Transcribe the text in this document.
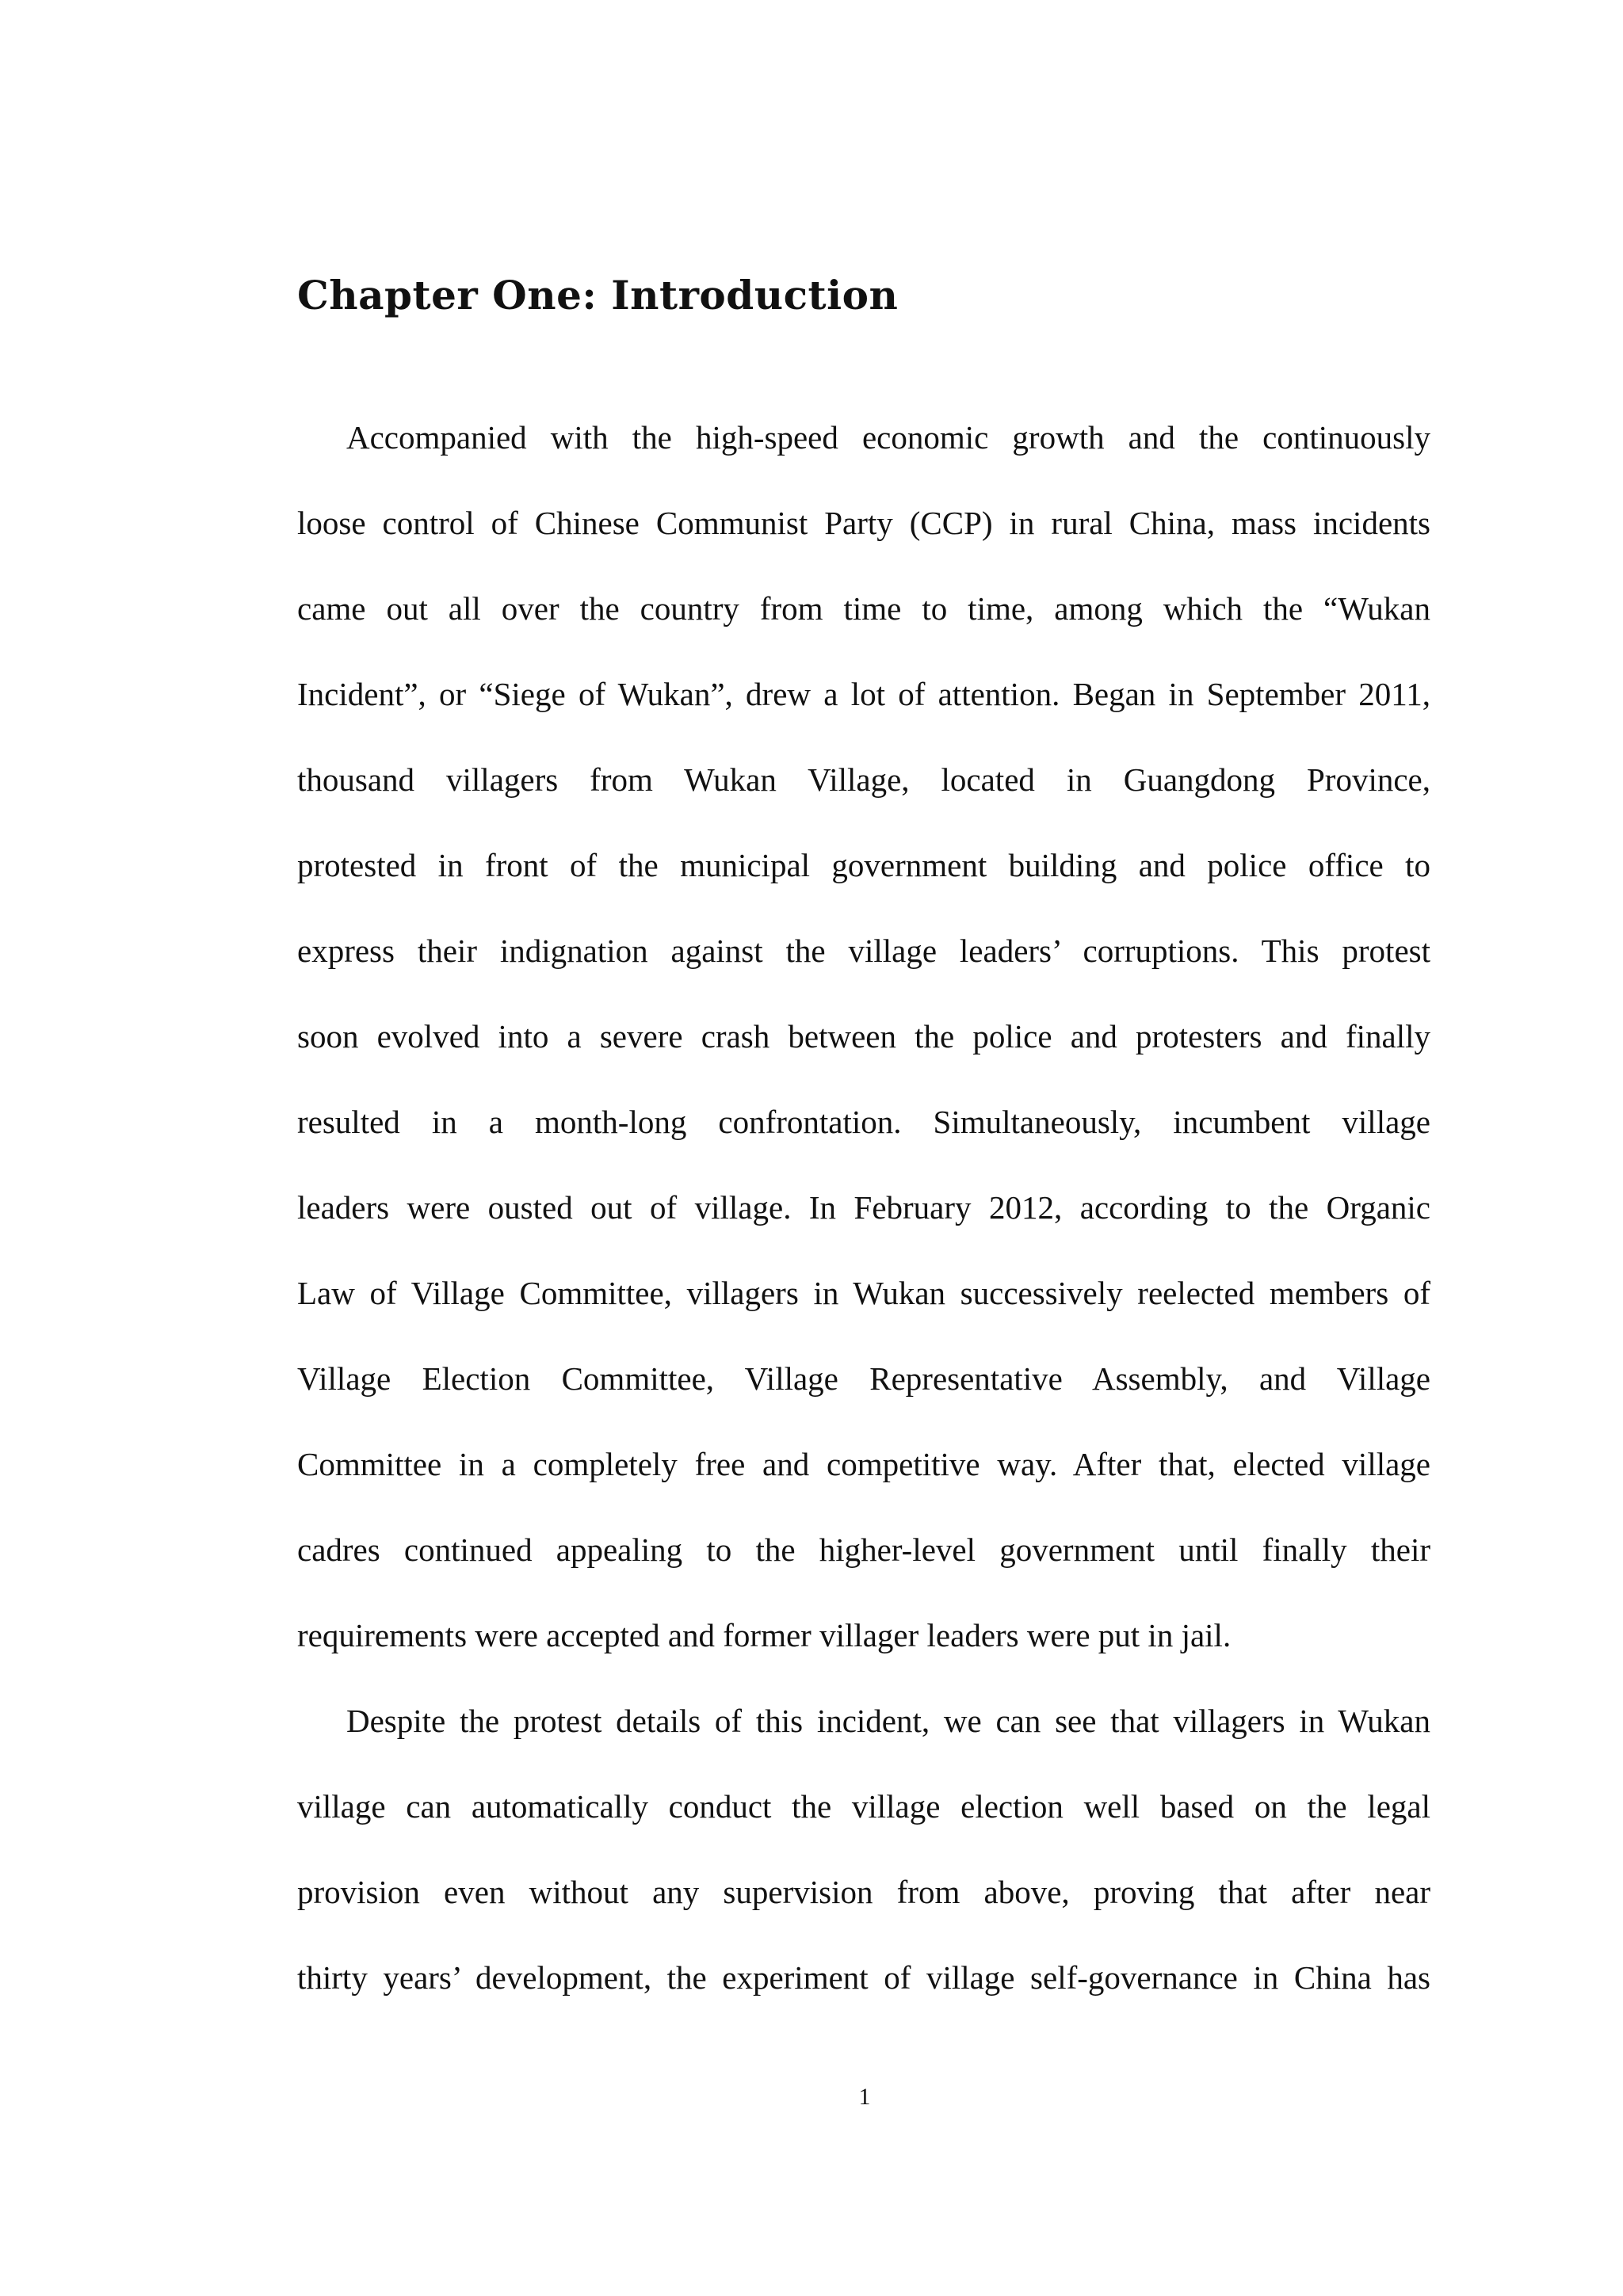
Chapter One: Introduction
Accompanied with the high-speed economic growth and the continuously
loose control of Chinese Communist Party (CCP) in rural China, mass incidents
came out all over the country from time to time, among which the “Wukan
Incident”, or “Siege of Wukan”, drew a lot of attention. Began in September 2011,
thousand villagers from Wukan Village, located in Guangdong Province,
protested in front of the municipal government building and police office to
express their indignation against the village leaders’ corruptions. This protest
soon evolved into a severe crash between the police and protesters and finally
resulted in a month-long confrontation. Simultaneously, incumbent village
leaders were ousted out of village. In February 2012, according to the Organic
Law of Village Committee, villagers in Wukan successively reelected members of
Village Election Committee, Village Representative Assembly, and Village
Committee in a completely free and competitive way. After that, elected village
cadres continued appealing to the higher-level government until finally their
requirements were accepted and former villager leaders were put in jail.
Despite the protest details of this incident, we can see that villagers in Wukan
village can automatically conduct the village election well based on the legal
provision even without any supervision from above, proving that after near
thirty years’ development, the experiment of village self-governance in China has
1
